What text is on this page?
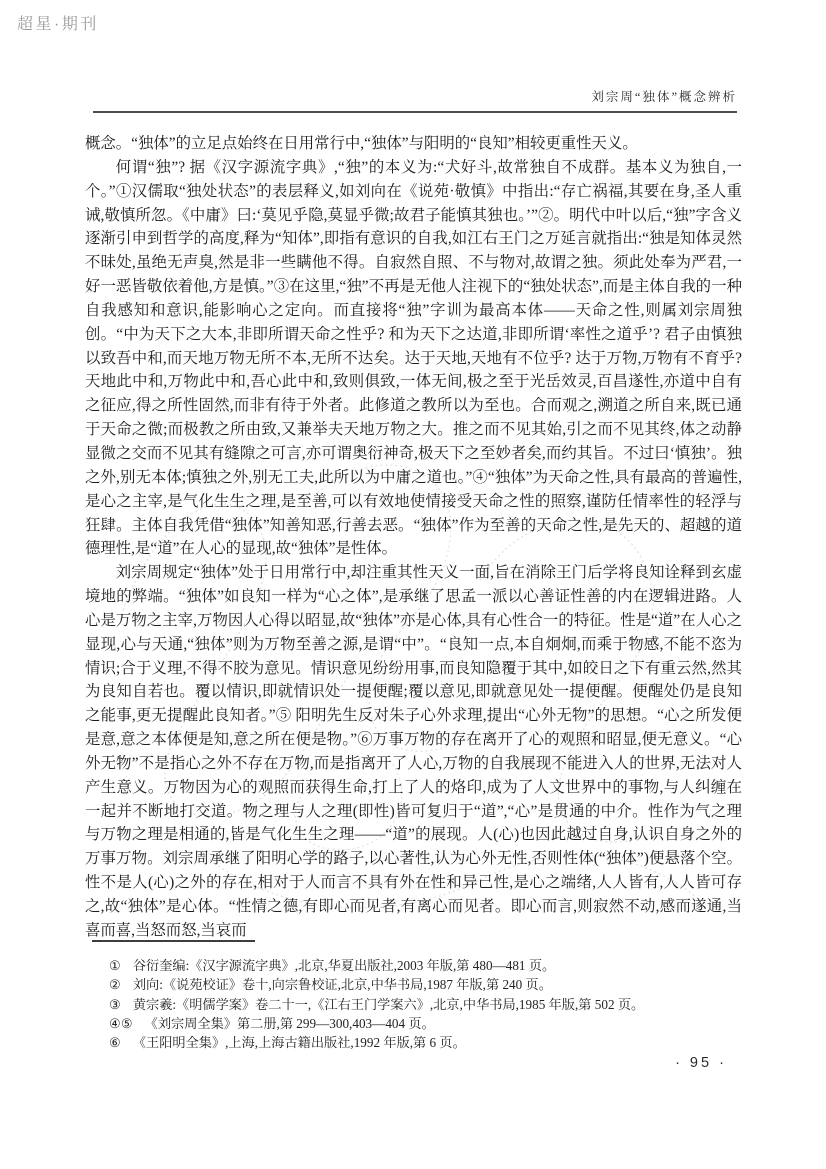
超星·期刊
刘宗周“独体”概念辨析

概念。“独体”的立足点始终在日用常行中,“独体”与阳明的“良知”相较更重性天义。

何谓“独”? 据《汉字源流字典》,“独”的本义为:“犬好斗,故常独自不成群。基本义为独自,一个。”①汉儒取“独处状态”的表层释义,如刘向在《说苑·敬慎》中指出:“存亡祸福,其要在身,圣人重诫,敬慎所忽。《中庸》曰:‘莫见乎隐,莫显乎微;故君子能慎其独也。’”②。明代中叶以后,“独”字含义逐渐引申到哲学的高度,释为“知体”,即指有意识的自我,如江右王门之万延言就指出:“独是知体灵然不昧处,虽绝无声臭,然是非一些瞒他不得。自寂然自照、不与物对,故谓之独。须此处奉为严君,一好一恶皆敬依着他,方是慎。”③在这里,“独”不再是无他人注视下的“独处状态”,而是主体自我的一种自我感知和意识,能影响心之定向。而直接将“独”字训为最高本体——天命之性,则属刘宗周独创。“中为天下之大本,非即所谓天命之性乎? 和为天下之达道,非即所谓‘率性之道乎’? 君子由慎独以致吾中和,而天地万物无所不本,无所不达矣。达于天地,天地有不位乎? 达于万物,万物有不育乎? 天地此中和,万物此中和,吾心此中和,致则俱致,一体无间,极之至于光岳效灵,百昌遂性,亦道中自有之征应,得之所性固然,而非有待于外者。此修道之教所以为至也。合而观之,溯道之所自来,既已通于天命之微;而极教之所由致,又兼举夫天地万物之大。推之而不见其始,引之而不见其终,体之动静显微之交而不见其有缝隙之可言,亦可谓奥衍神奇,极天下之至妙者矣,而约其旨。不过曰‘慎独’。独之外,别无本体;慎独之外,别无工夫,此所以为中庸之道也。”④“独体”为天命之性,具有最高的普遍性,是心之主宰,是气化生生之理,是至善,可以有效地使情接受天命之性的照察,谨防任情率性的轻浮与狂肆。主体自我凭借“独体”知善知恶,行善去恶。“独体”作为至善的天命之性,是先天的、超越的道德理性,是“道”在人心的显现,故“独体”是性体。

刘宗周规定“独体”处于日用常行中,却注重其性天义一面,旨在消除王门后学将良知诠释到玄虚境地的弊端。“独体”如良知一样为“心之体”,是承继了思孟一派以心善证性善的内在逻辑进路。人心是万物之主宰,万物因人心得以昭显,故“独体”亦是心体,具有心性合一的特征。性是“道”在人心之显现,心与天通,“独体”则为万物至善之源,是谓“中”。“良知一点,本自炯炯,而乘于物感,不能不恣为情识;合于义理,不得不胶为意见。情识意见纷纷用事,而良知隐覆于其中,如皎日之下有重云然,然其为良知自若也。覆以情识,即就情识处一提便醒;覆以意见,即就意见处一提便醒。便醒处仍是良知之能事,更无提醒此良知者。”⑤ 阳明先生反对朱子心外求理,提出“心外无物”的思想。“心之所发便是意,意之本体便是知,意之所在便是物。”⑥万事万物的存在离开了心的观照和昭显,便无意义。“心外无物”不是指心之外不存在万物,而是指离开了人心,万物的自我展现不能进入人的世界,无法对人产生意义。万物因为心的观照而获得生命,打上了人的烙印,成为了人文世界中的事物,与人纠缠在一起并不断地打交道。物之理与人之理(即性)皆可复归于“道”,“心”是贯通的中介。性作为气之理与万物之理是相通的,皆是气化生生之理——“道”的展现。人(心)也因此越过自身,认识自身之外的万事万物。刘宗周承继了阳明心学的路子,以心著性,认为心外无性,否则性体(“独体”)便悬落个空。性不是人(心)之外的存在,相对于人而言不具有外在性和异己性,是心之端绪,人人皆有,人人皆可存之,故“独体”是心体。“性情之德,有即心而见者,有离心而见者。即心而言,则寂然不动,感而遂通,当喜而喜,当怒而怒,当哀而

① 谷衍奎编:《汉字源流字典》,北京,华夏出版社,2003 年版,第 480—481 页。
② 刘向:《说苑校证》卷十,向宗鲁校证,北京,中华书局,1987 年版,第 240 页。
③ 黄宗羲:《明儒学案》卷二十一,《江右王门学案六》,北京,中华书局,1985 年版,第 502 页。
④⑤ 《刘宗周全集》第二册,第 299—300,403—404 页。
⑥ 《王阳明全集》,上海,上海古籍出版社,1992 年版,第 6 页。
· 95 ·
